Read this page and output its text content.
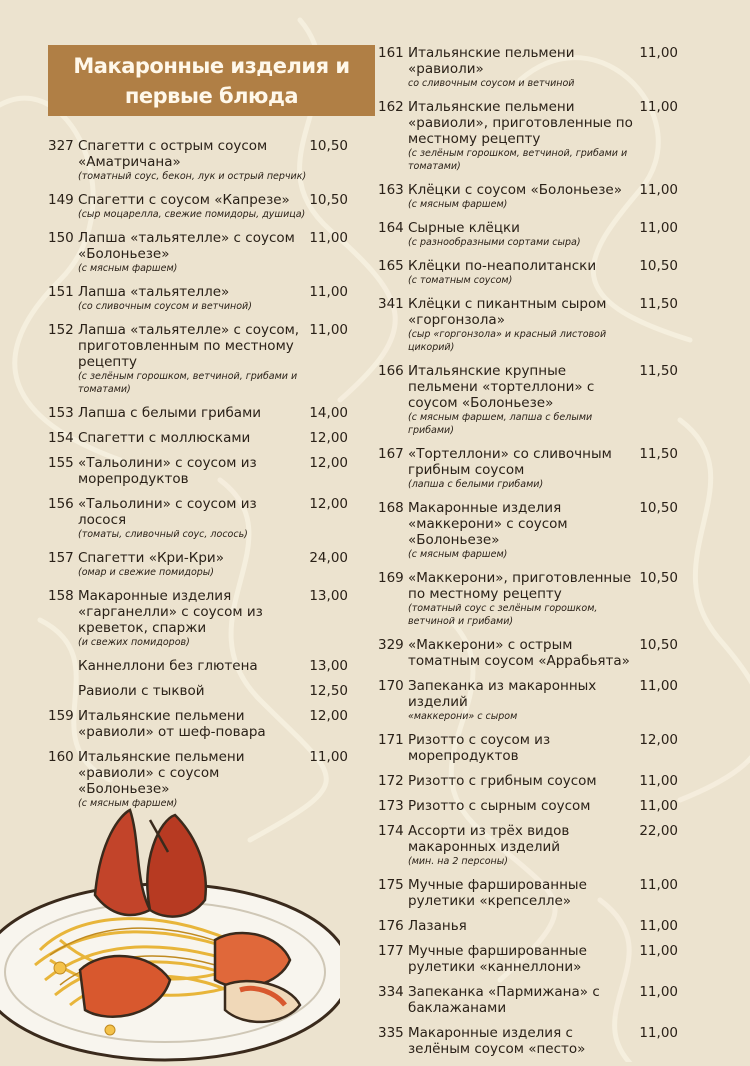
Макаронные изделия и
первые блюда
327 Спагетти с острым соусом «Аматричана»
(томатный соус, бекон, лук и острый перчик)
10,50
149 Спагетти с соусом «Капрезе»
(сыр моцарелла, свежие помидоры, душица)
10,50
150 Лапша «тальятелле» с соусом «Болоньезе»
(с мясным фаршем)
11,00
151 Лапша «тальятелле»
(со сливочным соусом и ветчиной)
11,00
152 Лапша «тальятелле» с соусом, приготовленным по местному рецепту
(с зелёным горошком, ветчиной, грибами и томатами)
11,00
153 Лапша с белыми грибами	14,00
154 Спагетти с моллюсками	12,00
155 «Тальолини» с соусом из морепродуктов
12,00
156 «Тальолини» с соусом из лосося
(томаты, сливочный соус, лосось)
12,00
157 Спагетти «Кри-Кри»
(омар и свежие помидоры)
24,00
158 Макаронные изделия «гарганелли» с соусом из креветок, спаржи
(и свежих помидоров)
13,00
Каннеллони без глютена	13,00
Равиоли с тыквой	12,50
159 Итальянские пельмени «равиоли» от шеф-повара
12,00
160 Итальянские пельмени «равиоли» с соусом «Болоньезе»
(с мясным фаршем)
11,00
161 Итальянские пельмени «равиоли»
со сливочным соусом и ветчиной
11,00
162 Итальянские пельмени «равиоли», приготовленные по местному рецепту
(с зелёным горошком, ветчиной, грибами и томатами)
11,00
163 Клёцки с соусом «Болоньезе»
(с мясным фаршем)
11,00
164 Сырные клёцки
(с разнообразными сортами сыра)
11,00
165 Клёцки по-неаполитански
(с томатным соусом)
10,50
341 Клёцки с пикантным сыром «горгонзола»
(сыр «горгонзола» и красный листовой цикорий)
11,50
166 Итальянские крупные пельмени «тортеллони» с соусом «Болоньезе»
(с мясным фаршем, лапша с белыми грибами)
11,50
167 «Тортеллони» со сливочным грибным соусом
(лапша с белыми грибами)
11,50
168 Макаронные изделия «маккерони» с соусом «Болоньезе»
(с мясным фаршем)
10,50
169 «Маккерони», приготовленные по местному рецепту
(томатный соус с зелёным горошком, ветчиной и грибами)
10,50
329 «Маккерони» с острым томатным соусом «Аррабьята»
10,50
170 Запеканка из макаронных изделий
«маккерони» с сыром
11,00
171 Ризотто с соусом из морепродуктов
12,00
172 Ризотто с грибным соусом	11,00
173 Ризотто с сырным соусом	11,00
174 Ассорти из трёх видов макаронных изделий
(мин. на 2 персоны)
22,00
175 Мучные фаршированные рулетики «крепселле»
11,00
176 Лазанья	11,00
177 Мучные фаршированные рулетики «каннеллони»
11,00
334 Запеканка «Пармижана» с баклажанами
11,00
335 Макаронные изделия с зелёным соусом «песто»
11,00
